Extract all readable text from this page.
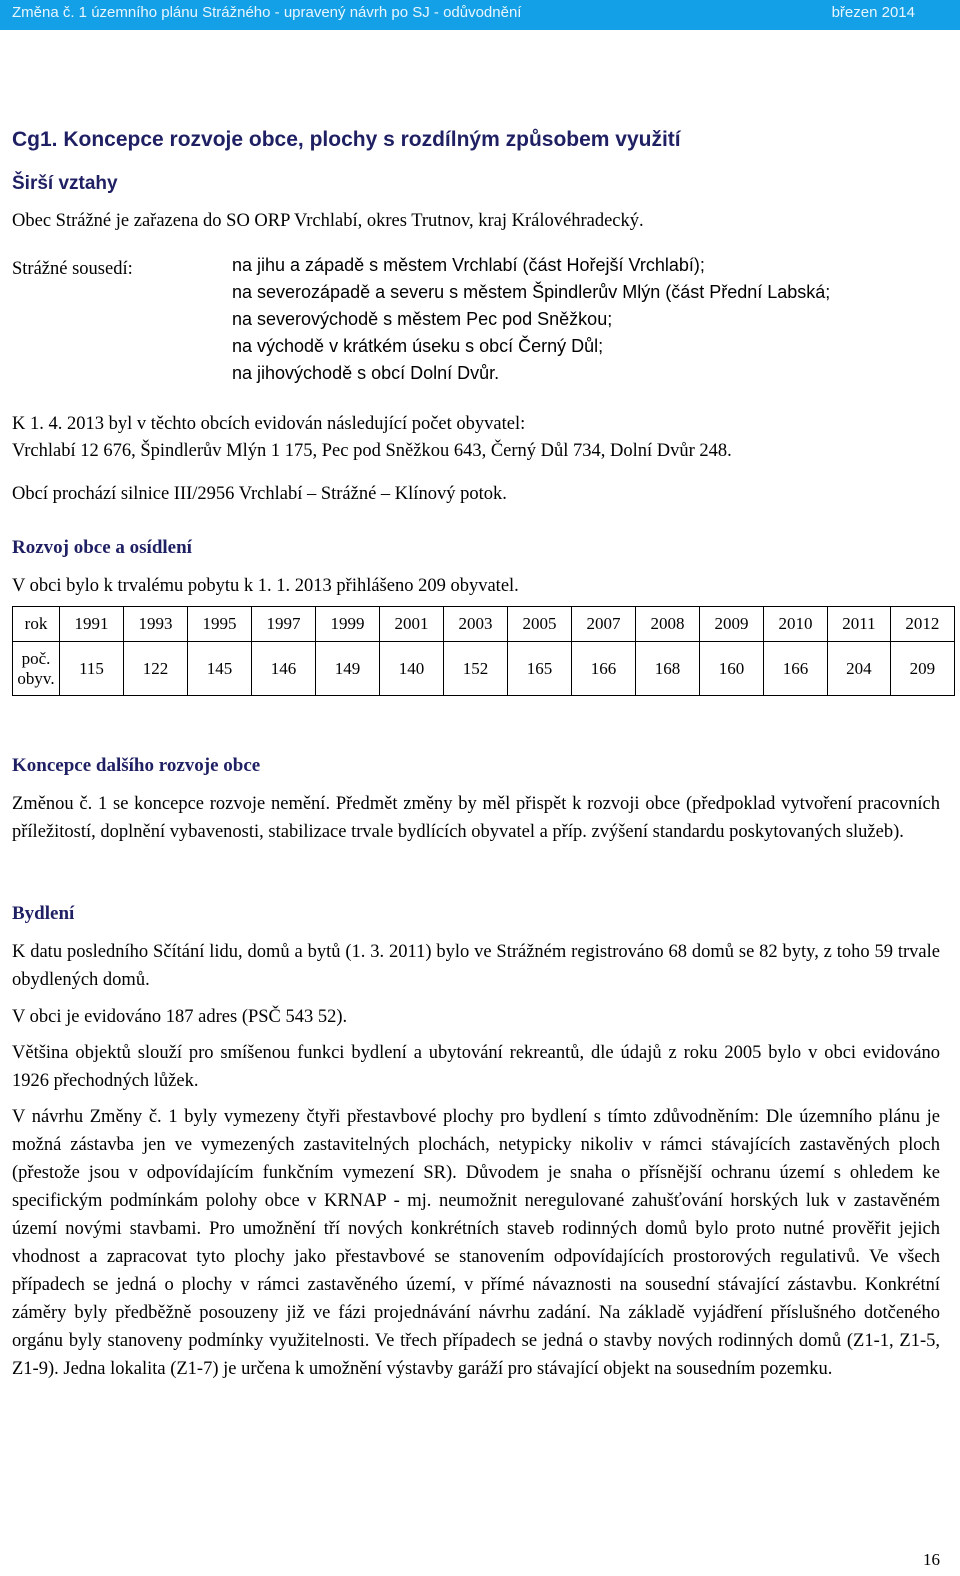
Změna č. 1 územního plánu Strážného - upravený návrh po SJ - odůvodnění	březen 2014
Cg1. Koncepce rozvoje obce, plochy s rozdílným způsobem využití
Širší vztahy
Obec Strážné je zařazena do SO ORP Vrchlabí, okres Trutnov, kraj Královéhradecký.
Strážné sousedí:	na jihu a západě s městem Vrchlabí (část Hořejší Vrchlabí);
na severozápadě a severu s městem Špindlerův Mlýn (část Přední Labská;
na severovýchodě s městem Pec pod Sněžkou;
na východě v krátkém úseku s obcí Černý Důl;
na jihovýchodě s obcí Dolní Dvůr.
K 1. 4. 2013 byl v těchto obcích evidován následující počet obyvatel:
Vrchlabí 12 676, Špindlerův Mlýn 1 175, Pec pod Sněžkou 643, Černý Důl 734, Dolní Dvůr 248.
Obcí prochází silnice III/2956 Vrchlabí – Strážné – Klínový potok.
Rozvoj obce a osídlení
V obci bylo k trvalému pobytu k 1. 1. 2013 přihlášeno 209 obyvatel.
rok	1991	1993	1995	1997	1999	2001	2003	2005	2007	2008	2009	2010	2011	2012
poč. obyv.	115	122	145	146	149	140	152	165	166	168	160	166	204	209
Koncepce dalšího rozvoje obce
Změnou č. 1 se koncepce rozvoje nemění. Předmět změny by měl přispět k rozvoji obce (předpoklad vytvoření pracovních příležitostí, doplnění vybavenosti, stabilizace trvale bydlících obyvatel a příp. zvýšení standardu poskytovaných služeb).
Bydlení
K datu posledního Sčítání lidu, domů a bytů (1. 3. 2011) bylo ve Strážném registrováno 68 domů se 82 byty, z toho 59 trvale obydlených domů.
V obci je evidováno 187 adres (PSČ 543 52).
Většina objektů slouží pro smíšenou funkci bydlení a ubytování rekreantů, dle údajů z roku 2005 bylo v obci evidováno 1926 přechodných lůžek.
V návrhu Změny č. 1 byly vymezeny čtyři přestavbové plochy pro bydlení s tímto zdůvodněním: Dle územního plánu je možná zástavba jen ve vymezených zastavitelných plochách, netypicky nikoliv v rámci stávajících zastavěných ploch (přestože jsou v odpovídajícím funkčním vymezení SR). Důvodem je snaha o přísnější ochranu území s ohledem ke specifickým podmínkám polohy obce v KRNAP - mj. neumožnit neregulované zahušťování horských luk v zastavěném území novými stavbami. Pro umožnění tří nových konkrétních staveb rodinných domů bylo proto nutné prověřit jejich vhodnost a zapracovat tyto plochy jako přestavbové se stanovením odpovídajících prostorových regulativů. Ve všech případech se jedná o plochy v rámci zastavěného území, v přímé návaznosti na sousední stávající zástavbu. Konkrétní záměry byly předběžně posouzeny již ve fázi projednávání návrhu zadání. Na základě vyjádření příslušného dotčeného orgánu byly stanoveny podmínky využitelnosti. Ve třech případech se jedná o stavby nových rodinných domů (Z1-1, Z1-5, Z1-9). Jedna lokalita (Z1-7) je určena k umožnění výstavby garáží pro stávající objekt na sousedním pozemku.
16
